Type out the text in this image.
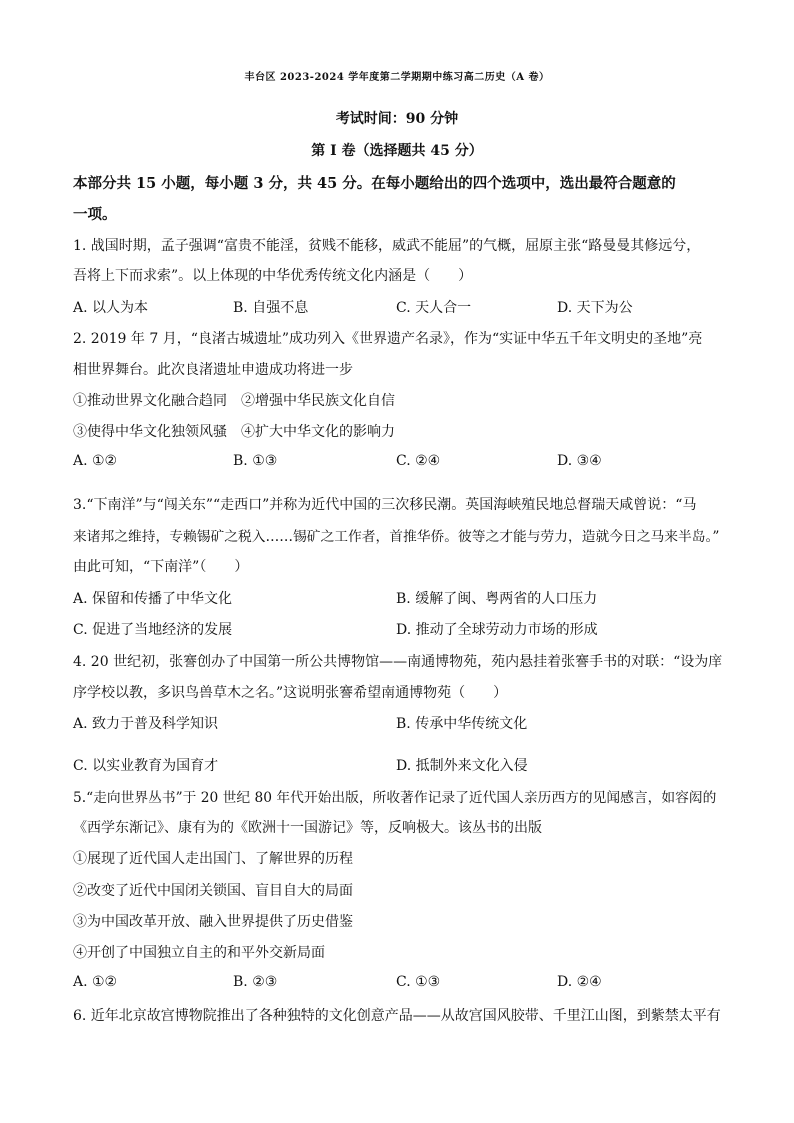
丰台区 2023-2024 学年度第二学期期中练习高二历史（A 卷）
考试时间：90 分钟
第 I 卷（选择题共 45 分）
本部分共 15 小题，每小题 3 分，共 45 分。在每小题给出的四个选项中，选出最符合题意的
一项。
1. 战国时期，孟子强调“富贵不能淫，贫贱不能移，威武不能屈”的气概，屈原主张“路曼曼其修远兮，
吾将上下而求索”。以上体现的中华优秀传统文化内涵是（　　）
A. 以人为本	B. 自强不息	C. 天人合一	D. 天下为公
2. 2019 年 7 月，“良渚古城遗址”成功列入《世界遗产名录》，作为“实证中华五千年文明史的圣地”亮
相世界舞台。此次良渚遗址申遗成功将进一步
①推动世界文化融合趋同　②增强中华民族文化自信
③使得中华文化独领风骚　④扩大中华文化的影响力
A. ①②	B. ①③	C. ②④	D. ③④
3.“下南洋”与“闯关东”“走西口”并称为近代中国的三次移民潮。英国海峡殖民地总督瑞天咸曾说：“马
来诸邦之维持，专赖锡矿之税入……锡矿之工作者，首推华侨。彼等之才能与劳力，造就今日之马来半岛。”
由此可知，“下南洋”（　　）
A. 保留和传播了中华文化	B. 缓解了闽、粤两省的人口压力
C. 促进了当地经济的发展	D. 推动了全球劳动力市场的形成
4. 20 世纪初，张謇创办了中国第一所公共博物馆——南通博物苑，苑内悬挂着张謇手书的对联：“设为庠
序学校以教，多识鸟兽草木之名。”这说明张謇希望南通博物苑（　　）
A. 致力于普及科学知识	B. 传承中华传统文化
C. 以实业教育为国育才	D. 抵制外来文化入侵
5.“走向世界丛书”于 20 世纪 80 年代开始出版，所收著作记录了近代国人亲历西方的见闻感言，如容闳的
《西学东渐记》、康有为的《欧洲十一国游记》等，反响极大。该丛书的出版
①展现了近代国人走出国门、了解世界的历程
②改变了近代中国闭关锁国、盲目自大的局面
③为中国改革开放、融入世界提供了历史借鉴
④开创了中国独立自主的和平外交新局面
A. ①②	B. ②③	C. ①③	D. ②④
6. 近年北京故宫博物院推出了各种独特的文化创意产品——从故宫国风胶带、千里江山图，到紫禁太平有
